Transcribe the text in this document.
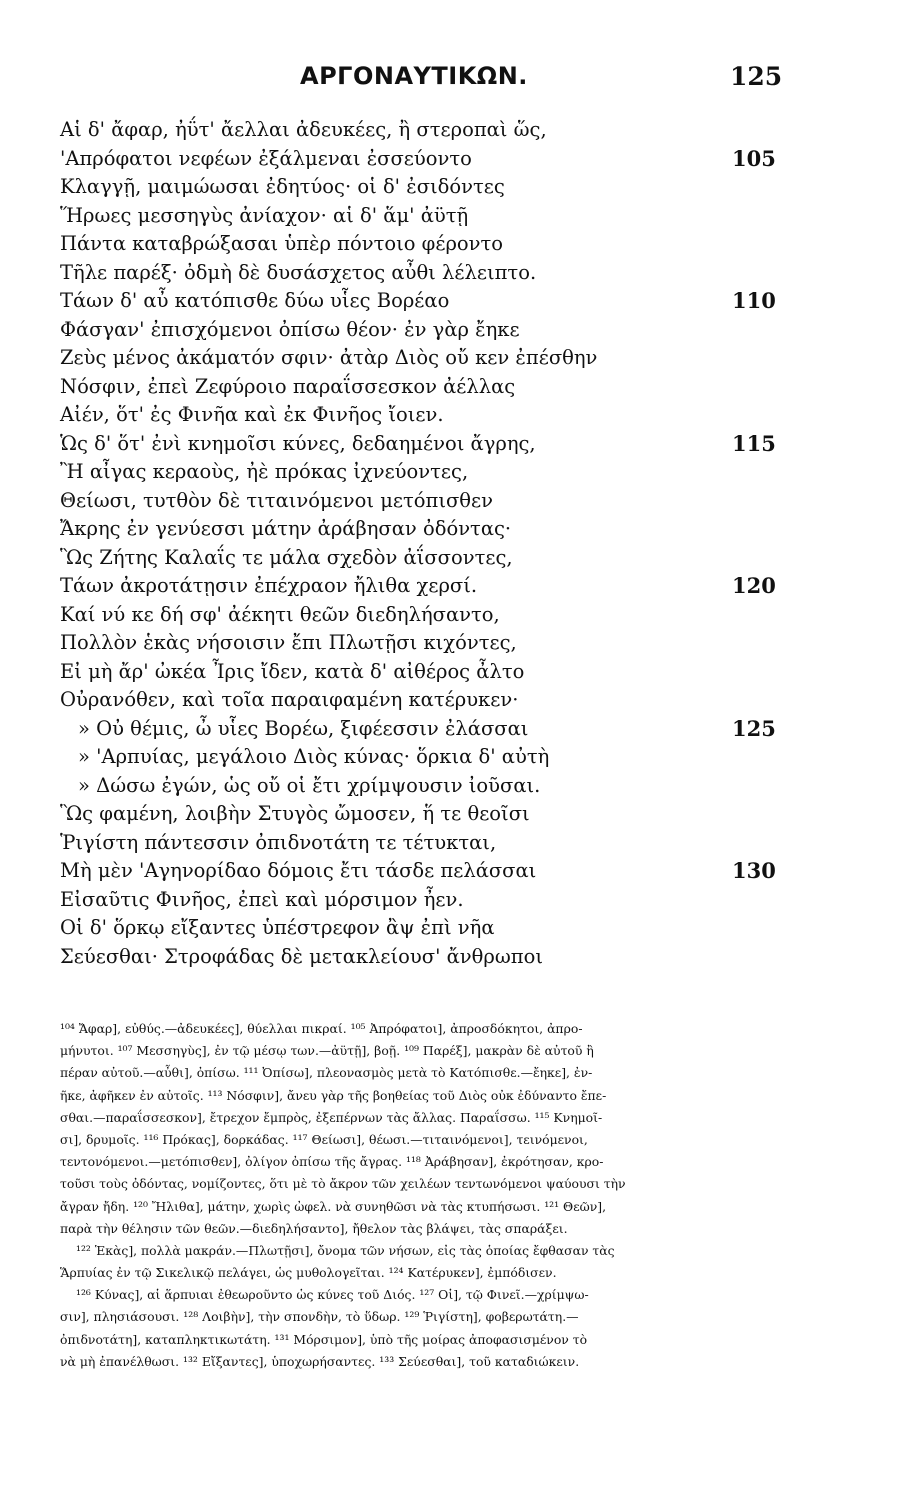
ΑΡΓΟΝΑΥΤΙΚΩΝ.	125
Αἱ δ' ἄφαρ, ἠΰτ' ἄελλαι ἀδευκέες, ἢ στεροπαὶ ὥς,
'Απρόφατοι νεφέων ἐξάλμεναι ἐσσεύοντο	105
Κλαγγῇ, μαιμώωσαι ἐδητύος· οἱ δ' ἐσιδόντες
Ἥρωες μεσσηγὺς ἀνίαχον· αἱ δ' ἅμ' ἀϋτῇ
Πάντα καταβρώξασαι ὑπὲρ πόντοιο φέροντο
Τῆλε παρέξ· ὀδμὴ δὲ δυσάσχετος αὖθι λέλειπτο.
Τάων δ' αὖ κατόπισθε δύω υἷες Βορέαο	110
Φάσγαν' ἐπισχόμενοι ὀπίσω θέον· ἐν γὰρ ἔηκε
Ζεὺς μένος ἀκάματόν σφιν· ἀτὰρ Διὸς οὔ κεν ἐπέσθην
Νόσφιν, ἐπεὶ Ζεφύροιο παραΐσσεσκον ἀέλλας
Αἰέν, ὅτ' ἐς Φινῆα καὶ ἐκ Φινῆος ἴοιεν.
Ὡς δ' ὅτ' ἐνὶ κνημοῖσι κύνες, δεδαημένοι ἄγρης,	115
Ἢ αἶγας κεραοὺς, ἠὲ πρόκας ἰχνεύοντες,
Θείωσι, τυτθὸν δὲ τιταινόμενοι μετόπισθεν
Ἄκρης ἐν γενύεσσι μάτην ἀράβησαν ὀδόντας·
Ὣς Ζήτης Καλαΐς τε μάλα σχεδὸν ἀΐσσοντες,
Τάων ἀκροτάτῃσιν ἐπέχραον ἤλιθα χερσί.	120
Καί νύ κε δή σφ' ἀέκητι θεῶν διεδηλήσαντο,
Πολλὸν ἑκὰς νήσοισιν ἔπι Πλωτῇσι κιχόντες,
Εἰ μὴ ἄρ' ὠκέα Ἶρις ἴδεν, κατὰ δ' αἰθέρος ἆλτο
Οὐρανόθεν, καὶ τοῖα παραιφαμένη κατέρυκεν·
» Οὐ θέμις, ὦ υἷες Βορέω, ξιφέεσσιν ἐλάσσαι	125
» 'Αρπυίας, μεγάλοιο Διὸς κύνας· ὅρκια δ' αὐτὴ
» Δώσω ἐγών, ὡς οὔ οἱ ἔτι χρίμψουσιν ἰοῦσαι.
Ὣς φαμένη, λοιβὴν Στυγὸς ὤμοσεν, ἥ τε θεοῖσι
Ῥιγίστη πάντεσσιν ὀπιδνοτάτη τε τέτυκται,
Μὴ μὲν 'Αγηνορίδαο δόμοις ἔτι τάσδε πελάσσαι	130
Εἰσαῦτις Φινῆος, ἐπεὶ καὶ μόρσιμον ἦεν.
Οἱ δ' ὅρκῳ εἴξαντες ὑπέστρεφον ἂψ ἐπὶ νῆα
Σεύεσθαι· Στροφάδας δὲ μετακλείουσ' ἄνθρωποι
¹⁰⁴ Ἄφαρ], εὐθύς.—ἀδευκέες], θύελλαι πικραί. ¹⁰⁵ Ἀπρόφατοι], ἀπροσδόκητοι, ἀπρο-
μήνυτοι. ¹⁰⁷ Μεσσηγὺς], ἐν τῷ μέσῳ των.—ἀϋτῇ], βοῇ. ¹⁰⁹ Παρέξ], μακρὰν δὲ αὐτοῦ ἢ
πέραν αὐτοῦ.—αὖθι], ὀπίσω. ¹¹¹ Ὀπίσω], πλεονασμὸς μετὰ τὸ Κατόπισθε.—ἔηκε], ἐν-
ῆκε, ἀφῆκεν ἐν αὐτοῖς. ¹¹³ Νόσφιν], ἄνευ γὰρ τῆς βοηθείας τοῦ Διὸς οὐκ ἐδύναντο ἔπε-
σθαι.—παραΐσσεσκον], ἔτρεχον ἔμπρὸς, ἐξεπέρνων τὰς ἄλλας. Παραΐσσω. ¹¹⁵ Κνημοῖ-
σι], δρυμοῖς. ¹¹⁶ Πρόκας], δορκάδας. ¹¹⁷ Θείωσι], θέωσι.—τιταινόμενοι], τεινόμενοι,
τεντονόμενοι.—μετόπισθεν], ὀλίγον ὀπίσω τῆς ἄγρας. ¹¹⁸ Ἀράβησαν], ἐκρότησαν, κρο-
τοῦσι τοὺς ὀδόντας, νομίζοντες, ὅτι μὲ τὸ ἄκρον τῶν χειλέων τεντωνόμενοι ψαύουσι τὴν
ἄγραν ἤδη. ¹²⁰ Ἤλιθα], μάτην, χωρὶς ὠφελ. νὰ συνηθῶσι νὰ τὰς κτυπήσωσι. ¹²¹ Θεῶν],
παρὰ τὴν θέλησιν τῶν θεῶν.—διεδηλήσαντο], ἤθελον τὰς βλάψει, τὰς σπαράξει.
¹²² Ἑκὰς], πολλὰ μακράν.—Πλωτῇσι], ὄνομα τῶν νήσων, εἰς τὰς ὁποίας ἔφθασαν τὰς
Ἅρπυίας ἐν τῷ Σικελικῷ πελάγει, ὡς μυθολογεῖται. ¹²⁴ Κατέρυκεν], ἐμπόδισεν.
¹²⁶ Κύνας], αἱ ἅρπυιαι ἐθεωροῦντο ὡς κύνες τοῦ Διός. ¹²⁷ Οἱ], τῷ Φινεῖ.—χρίμψω-
σιν], πλησιάσουσι. ¹²⁸ Λοιβὴν], τὴν σπονδὴν, τὸ ὕδωρ. ¹²⁹ Ῥιγίστη], φοβερωτάτη.—
ὀπιδνοτάτη], καταπληκτικωτάτη. ¹³¹ Μόρσιμον], ὑπὸ τῆς μοίρας ἀποφασισμένον τὸ
νὰ μὴ ἐπανέλθωσι. ¹³² Εἴξαντες], ὑποχωρήσαντες. ¹³³ Σεύεσθαι], τοῦ καταδιώκειν.
